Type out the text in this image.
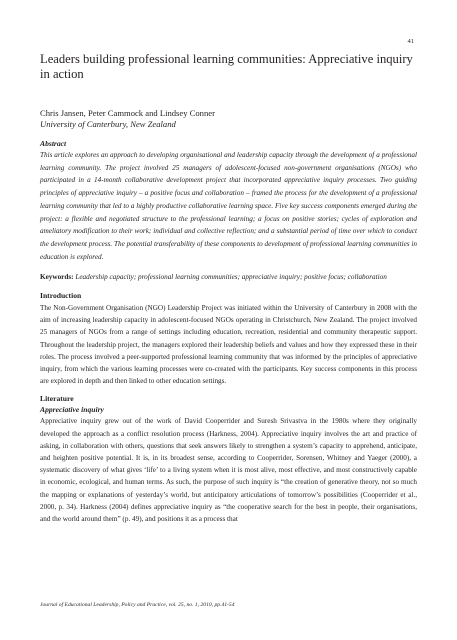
41
Leaders building professional learning communities: Appreciative inquiry in action

Chris Jansen, Peter Cammock and Lindsey Conner

University of Canterbury, New Zealand

Abstract

This article explores an approach to developing organisational and leadership capacity through the development of a professional learning community. The project involved 25 managers of adolescent-focused non-government organisations (NGOs) who participated in a 14-month collaborative development project that incorporated appreciative inquiry processes. Two guiding principles of appreciative inquiry – a positive focus and collaboration – framed the process for the development of a professional learning community that led to a highly productive collaborative learning space. Five key success components emerged during the project: a flexible and negotiated structure to the professional learning; a focus on positive stories; cycles of exploration and ameliatory modification to their work; individual and collective reflection; and a substantial period of time over which to conduct the development process. The potential transferability of these components to development of professional learning communities in education is explored.

Keywords: Leadership capacity; professional learning communities; appreciative inquiry; positive focus; collaboration

Introduction

The Non-Government Organisation (NGO) Leadership Project was initiated within the University of Canterbury in 2008 with the aim of increasing leadership capacity in adolescent-focused NGOs operating in Christchurch, New Zealand. The project involved 25 managers of NGOs from a range of settings including education, recreation, residential and community therapeutic support. Throughout the leadership project, the managers explored their leadership beliefs and values and how they expressed these in their roles. The process involved a peer-supported professional learning community that was informed by the principles of appreciative inquiry, from which the various learning processes were co-created with the participants. Key success components in this process are explored in depth and then linked to other education settings.

Literature

Appreciative inquiry

Appreciative inquiry grew out of the work of David Cooperrider and Suresh Srivastva in the 1980s where they originally developed the approach as a conflict resolution process (Harkness, 2004). Appreciative inquiry involves the art and practice of asking, in collaboration with others, questions that seek answers likely to strengthen a system’s capacity to apprehend, anticipate, and heighten positive potential. It is, in its broadest sense, according to Cooperrider, Sorensen, Whitney and Yaeger (2000), a systematic discovery of what gives ‘life’ to a living system when it is most alive, most effective, and most constructively capable in economic, ecological, and human terms. As such, the purpose of such inquiry is “the creation of generative theory, not so much the mapping or explanations of yesterday’s world, but anticipatory articulations of tomorrow’s possibilities (Cooperrider et al., 2000, p. 34). Harkness (2004) defines appreciative inquiry as “the cooperative search for the best in people, their organisations, and the world around them” (p. 49), and positions it as a process that

Journal of Educational Leadership, Policy and Practice, vol. 25, no. 1, 2010, pp.41-54
